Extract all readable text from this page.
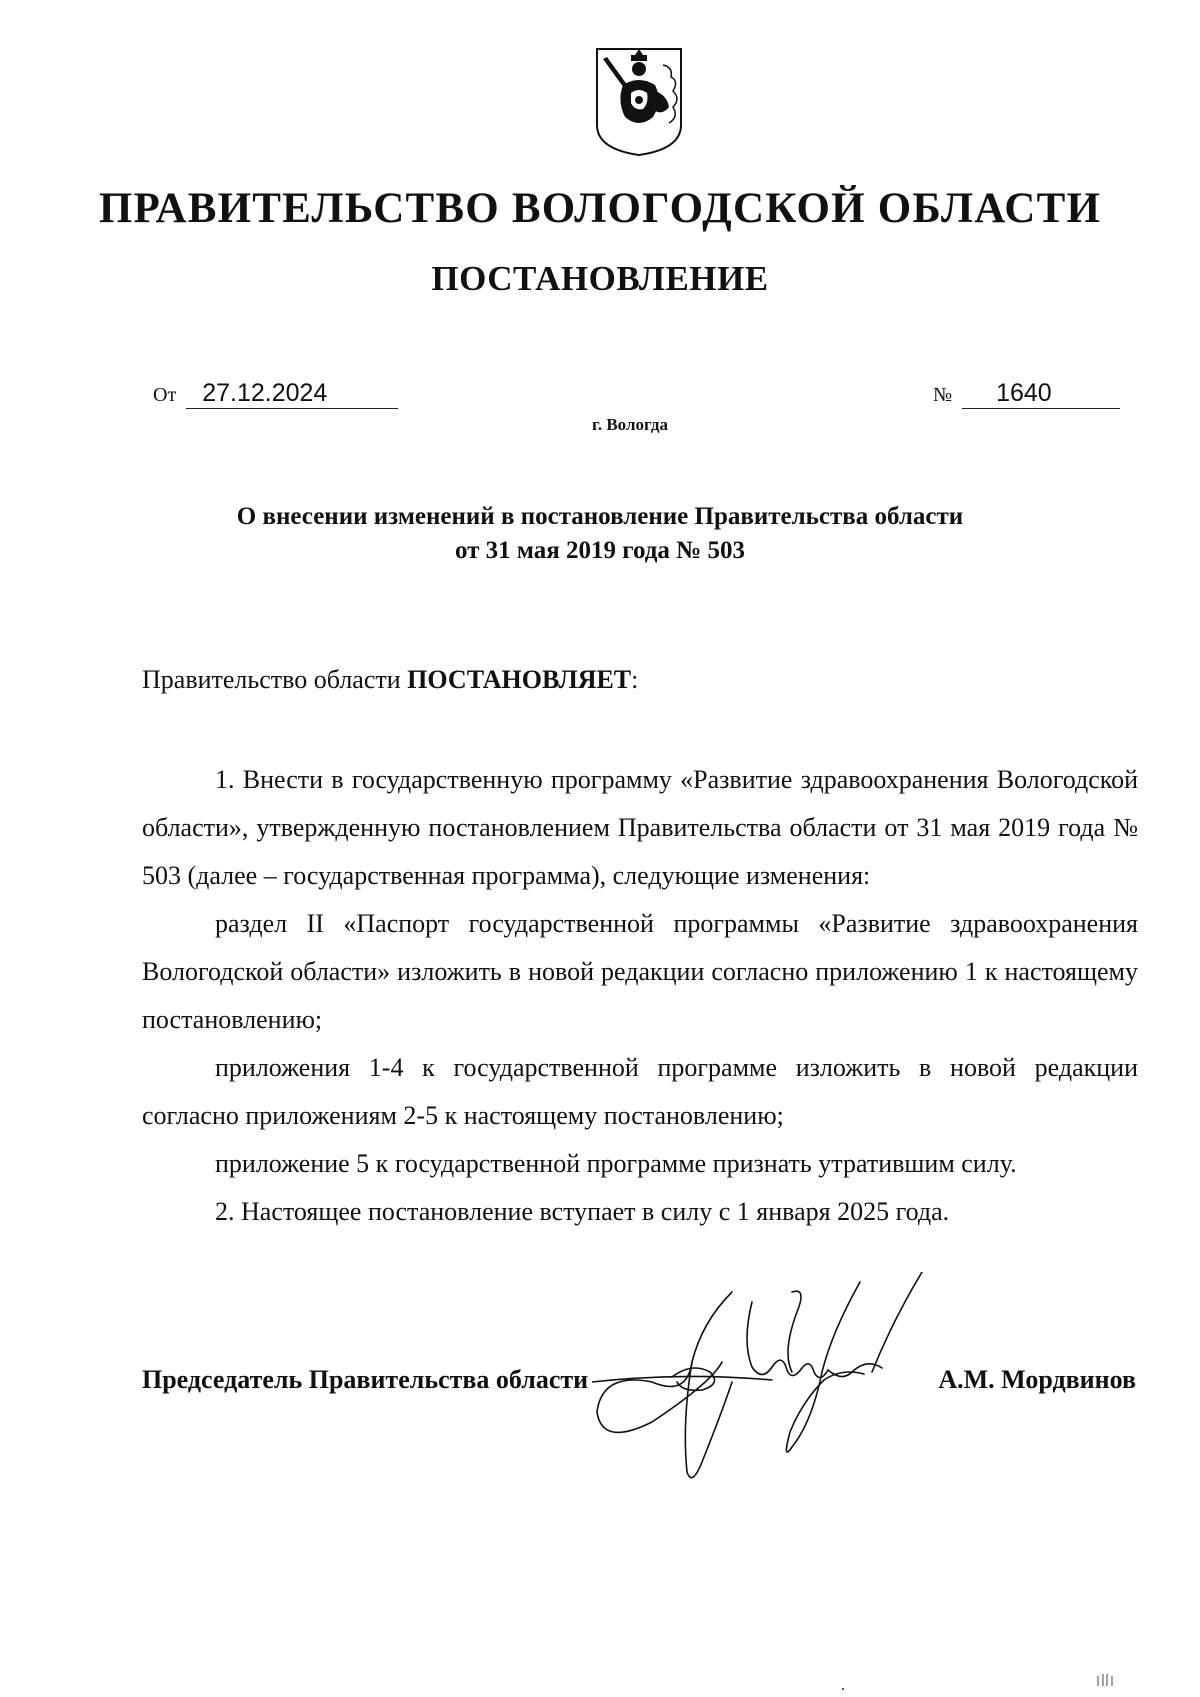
ПРАВИТЕЛЬСТВО ВОЛОГОДСКОЙ ОБЛАСТИ
ПОСТАНОВЛЕНИЕ
От	27.12.2024	№	1640
г. Вологда
О внесении изменений в постановление Правительства области
от 31 мая 2019 года № 503
Правительство области ПОСТАНОВЛЯЕТ:

1. Внести в государственную программу «Развитие здравоохранения Вологодской области», утвержденную постановлением Правительства области от 31 мая 2019 года № 503 (далее – государственная программа), следующие изменения:

раздел II «Паспорт государственной программы «Развитие здравоохранения Вологодской области» изложить в новой редакции согласно приложению 1 к настоящему постановлению;

приложения 1-4 к государственной программе изложить в новой редакции согласно приложениям 2-5 к настоящему постановлению;

приложение 5 к государственной программе признать утратившим силу.

2. Настоящее постановление вступает в силу с 1 января 2025 года.

Председатель Правительства области	А.М. Мордвинов
